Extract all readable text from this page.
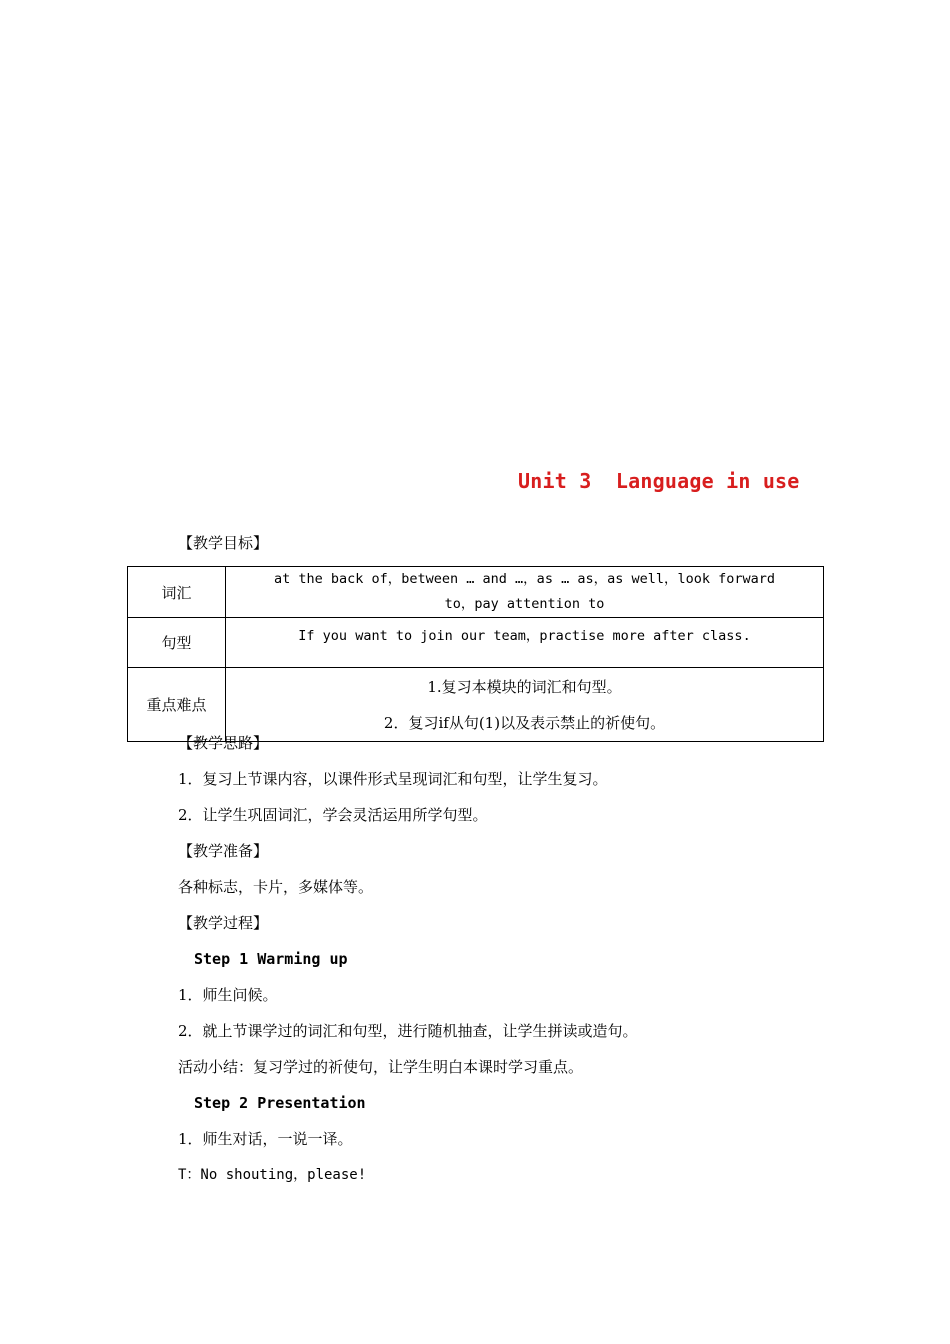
Unit 3  Language in use
【教学目标】
词汇	at the back of，between … and …，as … as，as well，look forward
to，pay attention to

句型	If you want to join our team，practise more after class.

重点难点	1.复习本模块的词汇和句型。
2．复习if从句(1)以及表示禁止的祈使句。
【教学思路】
1．复习上节课内容，以课件形式呈现词汇和句型，让学生复习。
2．让学生巩固词汇，学会灵活运用所学句型。
【教学准备】
各种标志，卡片，多媒体等。
【教学过程】
Step 1 Warming up
1．师生问候。
2．就上节课学过的词汇和句型，进行随机抽查，让学生拼读或造句。
活动小结：复习学过的祈使句，让学生明白本课时学习重点。
Step 2 Presentation
1．师生对话，一说一译。
T：No shouting，please!
